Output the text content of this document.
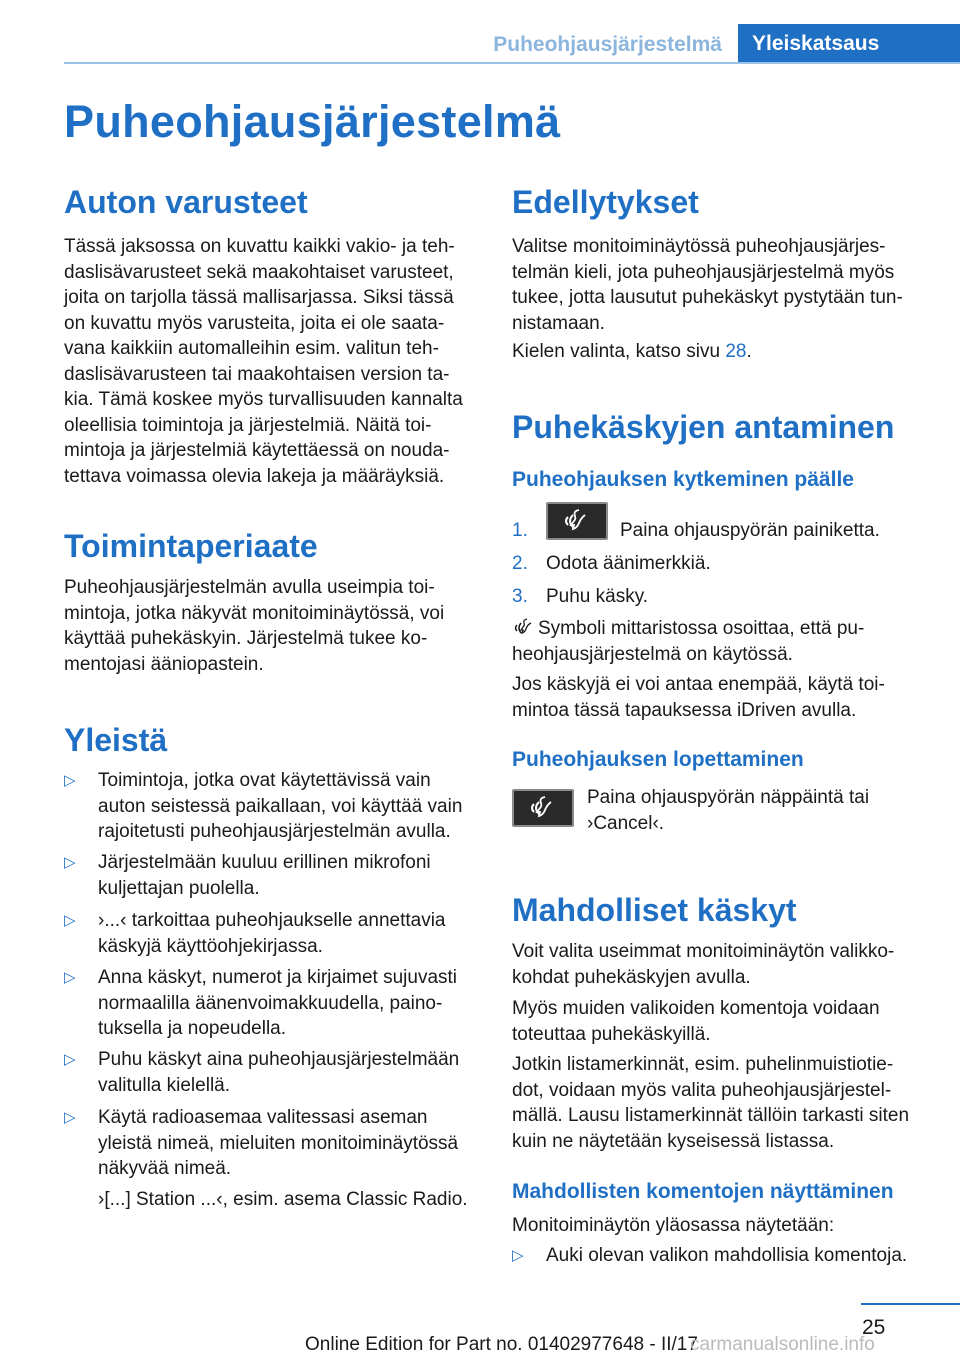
Puheohjausjärjestelmä	Yleiskatsaus
Puheohjausjärjestelmä
Auton varusteet
Tässä jaksossa on kuvattu kaikki vakio- ja teh‐
daslisävarusteet sekä maakohtaiset varusteet,
joita on tarjolla tässä mallisarjassa. Siksi tässä
on kuvattu myös varusteita, joita ei ole saata‐
vana kaikkiin automalleihin esim. valitun teh‐
daslisävarusteen tai maakohtaisen version ta‐
kia. Tämä koskee myös turvallisuuden kannalta
oleellisia toimintoja ja järjestelmiä. Näitä toi‐
mintoja ja järjestelmiä käytettäessä on nouda‐
tettava voimassa olevia lakeja ja määräyksiä.
Toimintaperiaate
Puheohjausjärjestelmän avulla useimpia toi‐
mintoja, jotka näkyvät monitoiminäytössä, voi
käyttää puhekäskyin. Järjestelmä tukee ko‐
mentojasi ääniopastein.
Yleistä
▷	Toimintoja, jotka ovat käytettävissä vain
auton seistessä paikallaan, voi käyttää vain
rajoitetusti puheohjausjärjestelmän avulla.
▷	Järjestelmään kuuluu erillinen mikrofoni
kuljettajan puolella.
▷	›...‹ tarkoittaa puheohjaukselle annettavia
käskyjä käyttöohjekirjassa.
▷	Anna käskyt, numerot ja kirjaimet sujuvasti
normaalilla äänenvoimakkuudella, paino‐
tuksella ja nopeudella.
▷	Puhu käskyt aina puheohjausjärjestelmään
valitulla kielellä.
▷	Käytä radioasemaa valitessasi aseman
yleistä nimeä, mieluiten monitoiminäytössä
näkyvää nimeä.
›[...] Station ...‹, esim. asema Classic Radio.
Edellytykset
Valitse monitoiminäytössä puheohjausjärjes‐
telmän kieli, jota puheohjausjärjestelmä myös
tukee, jotta lausutut puhekäskyt pystytään tun‐
nistamaan.
Kielen valinta, katso sivu 28.
Puhekäskyjen antaminen
Puheohjauksen kytkeminen päälle
1.	Paina ohjauspyörän painiketta.
2. Odota äänimerkkiä.
3. Puhu käsky.
Symboli mittaristossa osoittaa, että pu‐
heohjausjärjestelmä on käytössä.
Jos käskyjä ei voi antaa enempää, käytä toi‐
mintoa tässä tapauksessa iDriven avulla.
Puheohjauksen lopettaminen
Paina ohjauspyörän näppäintä tai
›Cancel‹.
Mahdolliset käskyt
Voit valita useimmat monitoiminäytön valikko‐
kohdat puhekäskyjen avulla.
Myös muiden valikoiden komentoja voidaan
toteuttaa puhekäskyillä.
Jotkin listamerkinnät, esim. puhelinmuistiotie‐
dot, voidaan myös valita puheohjausjärjestel‐
mällä. Lausu listamerkinnät tällöin tarkasti siten
kuin ne näytetään kyseisessä listassa.
Mahdollisten komentojen näyttäminen
Monitoiminäytön yläosassa näytetään:
▷	Auki olevan valikon mahdollisia komentoja.
25
Online Edition for Part no. 01402977648 - II/17
carmanualsonline.info
